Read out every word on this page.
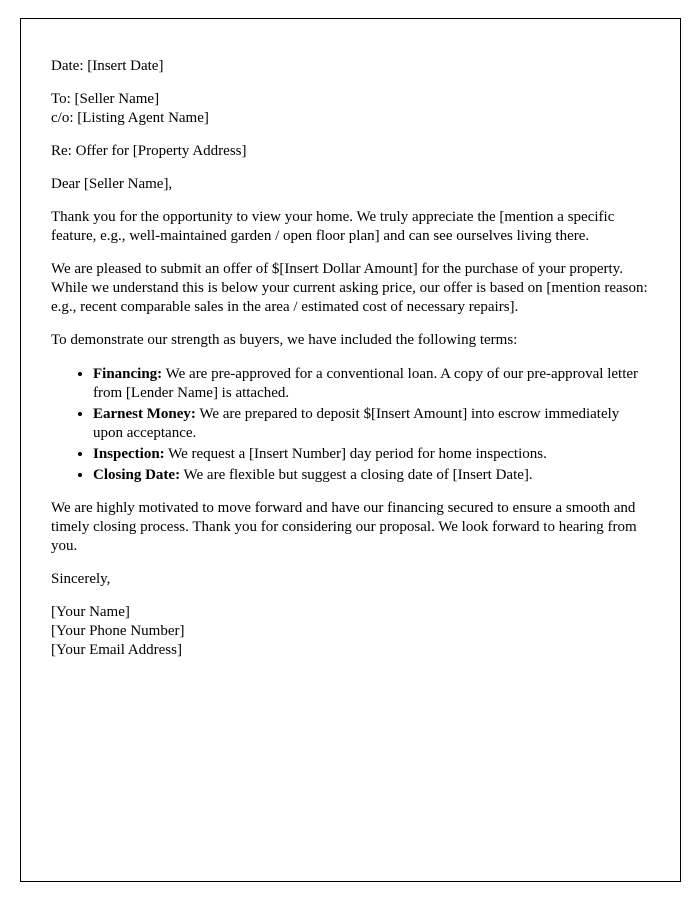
Date: [Insert Date]

To: [Seller Name]

c/o: [Listing Agent Name]

Re: Offer for [Property Address]

Dear [Seller Name],

Thank you for the opportunity to view your home. We truly appreciate the [mention a specific feature, e.g., well-maintained garden / open floor plan] and can see ourselves living there.

We are pleased to submit an offer of $[Insert Dollar Amount] for the purchase of your property. While we understand this is below your current asking price, our offer is based on [mention reason: e.g., recent comparable sales in the area / estimated cost of necessary repairs].

To demonstrate our strength as buyers, we have included the following terms:

• Financing: We are pre-approved for a conventional loan. A copy of our pre-approval letter from [Lender Name] is attached.
• Earnest Money: We are prepared to deposit $[Insert Amount] into escrow immediately upon acceptance.
• Inspection: We request a [Insert Number] day period for home inspections.
• Closing Date: We are flexible but suggest a closing date of [Insert Date].

We are highly motivated to move forward and have our financing secured to ensure a smooth and timely closing process. Thank you for considering our proposal. We look forward to hearing from you.

Sincerely,

[Your Name]

[Your Phone Number]

[Your Email Address]
